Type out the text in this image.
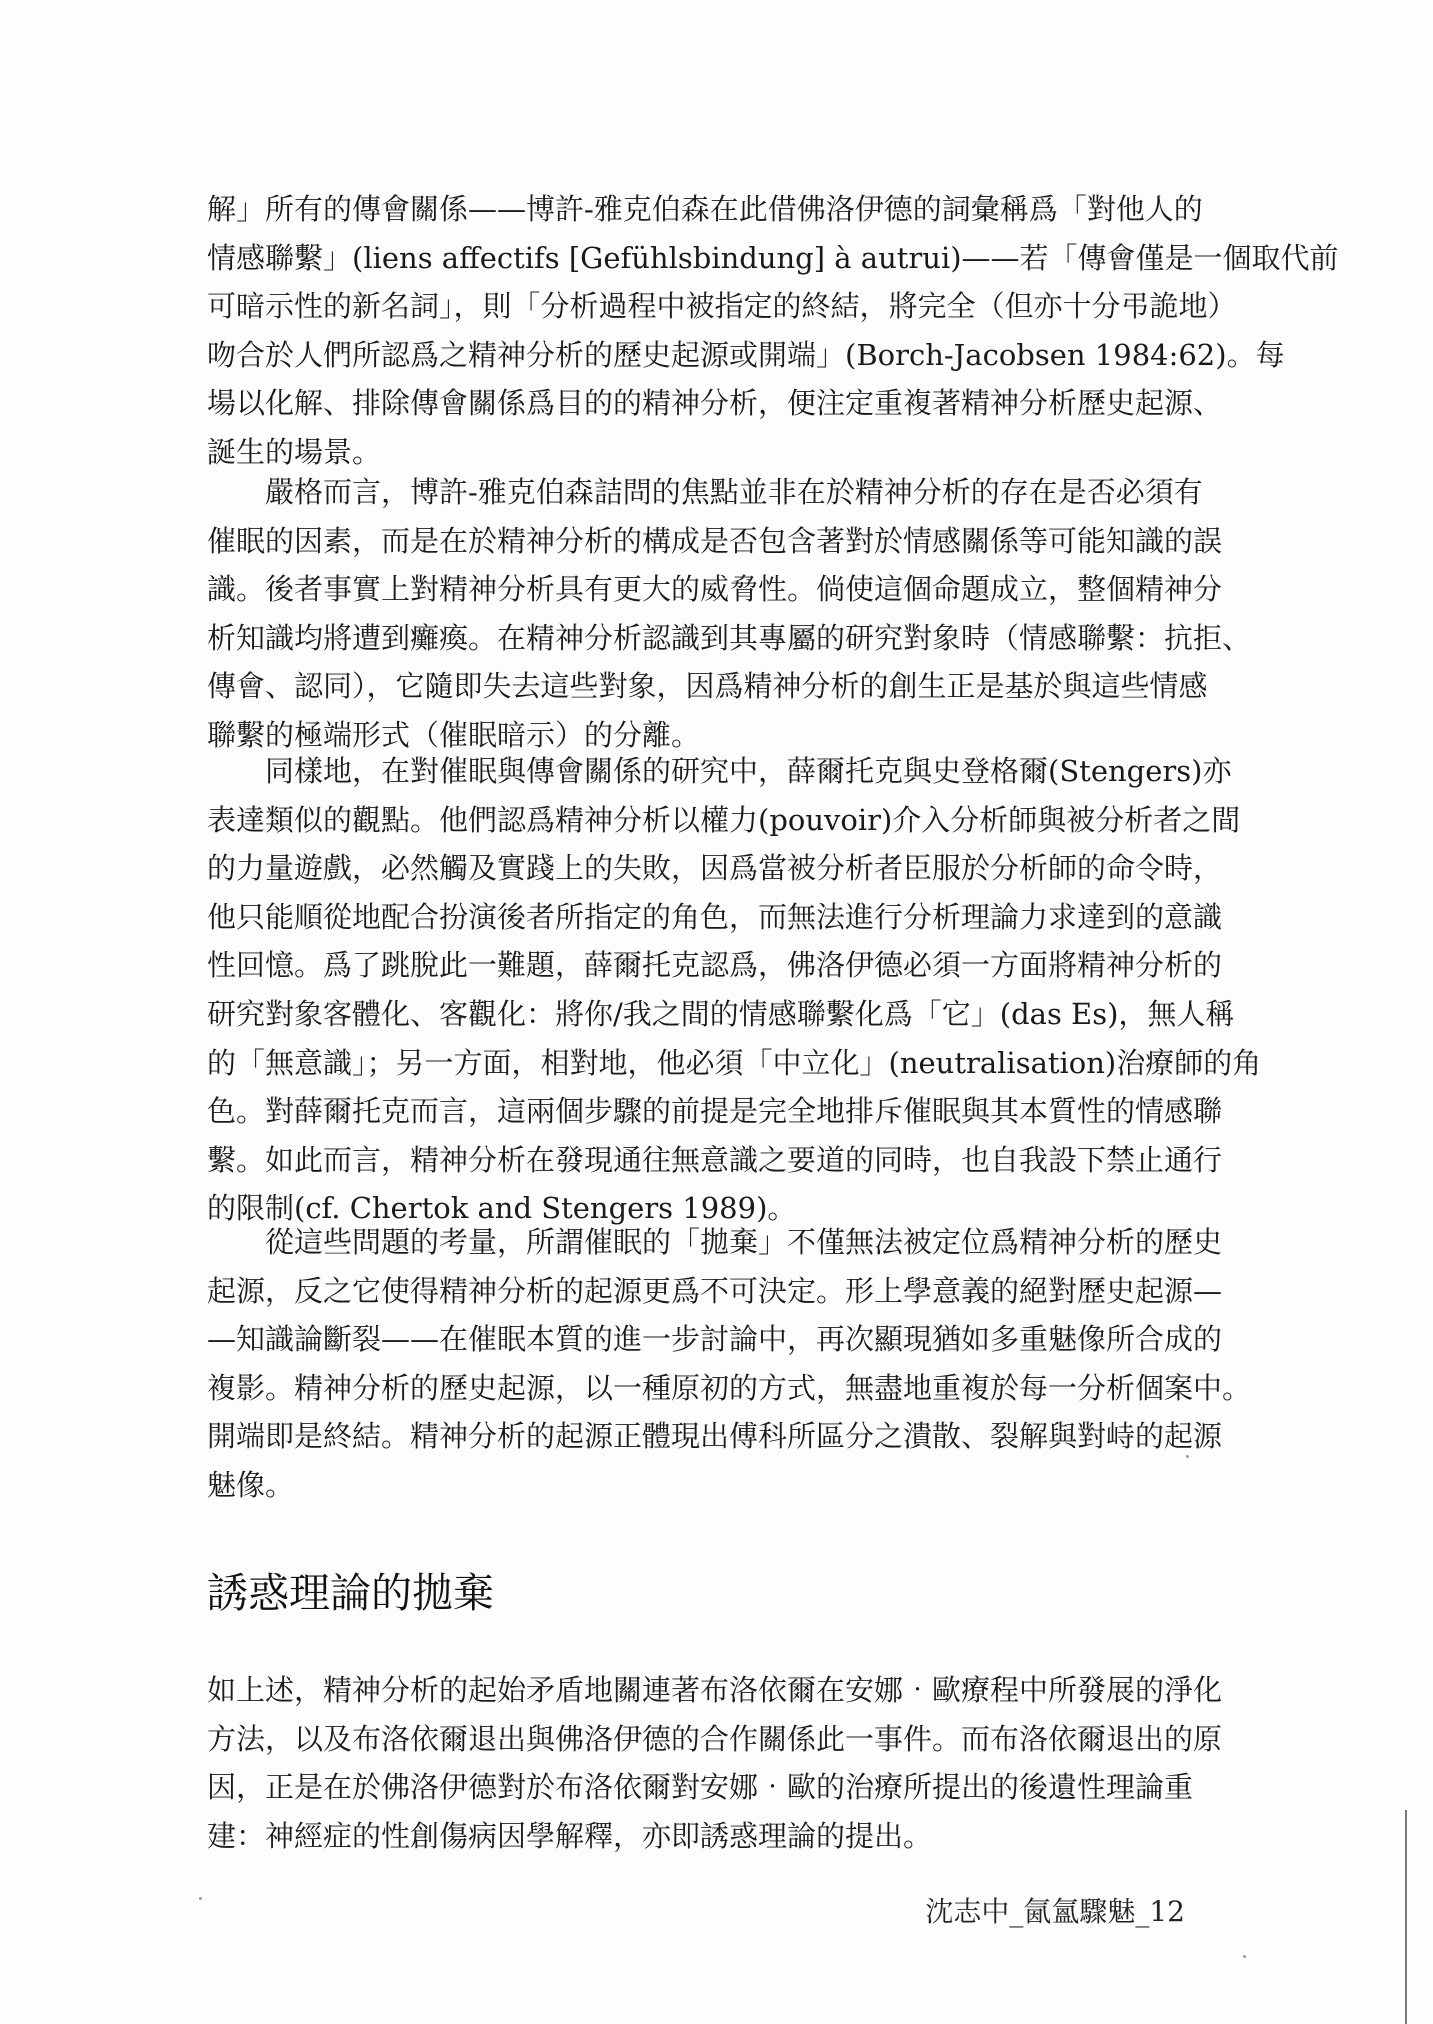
解」所有的傳會關係——博許-雅克伯森在此借佛洛伊德的詞彙稱爲「對他人的
情感聯繫」(liens affectifs [Gefühlsbindung] à autrui)——若「傳會僅是一個取代前
可暗示性的新名詞」，則「分析過程中被指定的終結，將完全（但亦十分弔詭地）
吻合於人們所認爲之精神分析的歷史起源或開端」(Borch-Jacobsen 1984:62)。每
場以化解、排除傳會關係爲目的的精神分析，便注定重複著精神分析歷史起源、
誕生的場景。
　　嚴格而言，博許-雅克伯森詰問的焦點並非在於精神分析的存在是否必須有
催眠的因素，而是在於精神分析的構成是否包含著對於情感關係等可能知識的誤
識。後者事實上對精神分析具有更大的威脅性。倘使這個命題成立，整個精神分
析知識均將遭到癱瘓。在精神分析認識到其專屬的研究對象時（情感聯繫：抗拒、
傳會、認同），它隨即失去這些對象，因爲精神分析的創生正是基於與這些情感
聯繫的極端形式（催眠暗示）的分離。
　　同樣地，在對催眠與傳會關係的研究中，薛爾托克與史登格爾(Stengers)亦
表達類似的觀點。他們認爲精神分析以權力(pouvoir)介入分析師與被分析者之間
的力量遊戲，必然觸及實踐上的失敗，因爲當被分析者臣服於分析師的命令時，
他只能順從地配合扮演後者所指定的角色，而無法進行分析理論力求達到的意識
性回憶。爲了跳脫此一難題，薛爾托克認爲，佛洛伊德必須一方面將精神分析的
研究對象客體化、客觀化：將你/我之間的情感聯繫化爲「它」(das Es)，無人稱
的「無意識」；另一方面，相對地，他必須「中立化」(neutralisation)治療師的角
色。對薛爾托克而言，這兩個步驟的前提是完全地排斥催眠與其本質性的情感聯
繫。如此而言，精神分析在發現通往無意識之要道的同時，也自我設下禁止通行
的限制(cf. Chertok and Stengers 1989)。
　　從這些問題的考量，所謂催眠的「拋棄」不僅無法被定位爲精神分析的歷史
起源，反之它使得精神分析的起源更爲不可決定。形上學意義的絕對歷史起源—
—知識論斷裂——在催眠本質的進一步討論中，再次顯現猶如多重魅像所合成的
複影。精神分析的歷史起源，以一種原初的方式，無盡地重複於每一分析個案中。
開端即是終結。精神分析的起源正體現出傅科所區分之潰散、裂解與對峙的起源
魅像。
誘惑理論的拋棄
如上述，精神分析的起始矛盾地關連著布洛依爾在安娜‧歐療程中所發展的淨化
方法，以及布洛依爾退出與佛洛伊德的合作關係此一事件。而布洛依爾退出的原
因，正是在於佛洛伊德對於布洛依爾對安娜‧歐的治療所提出的後遺性理論重
建：神經症的性創傷病因學解釋，亦即誘惑理論的提出。
沈志中_氤氳驟魅_12
